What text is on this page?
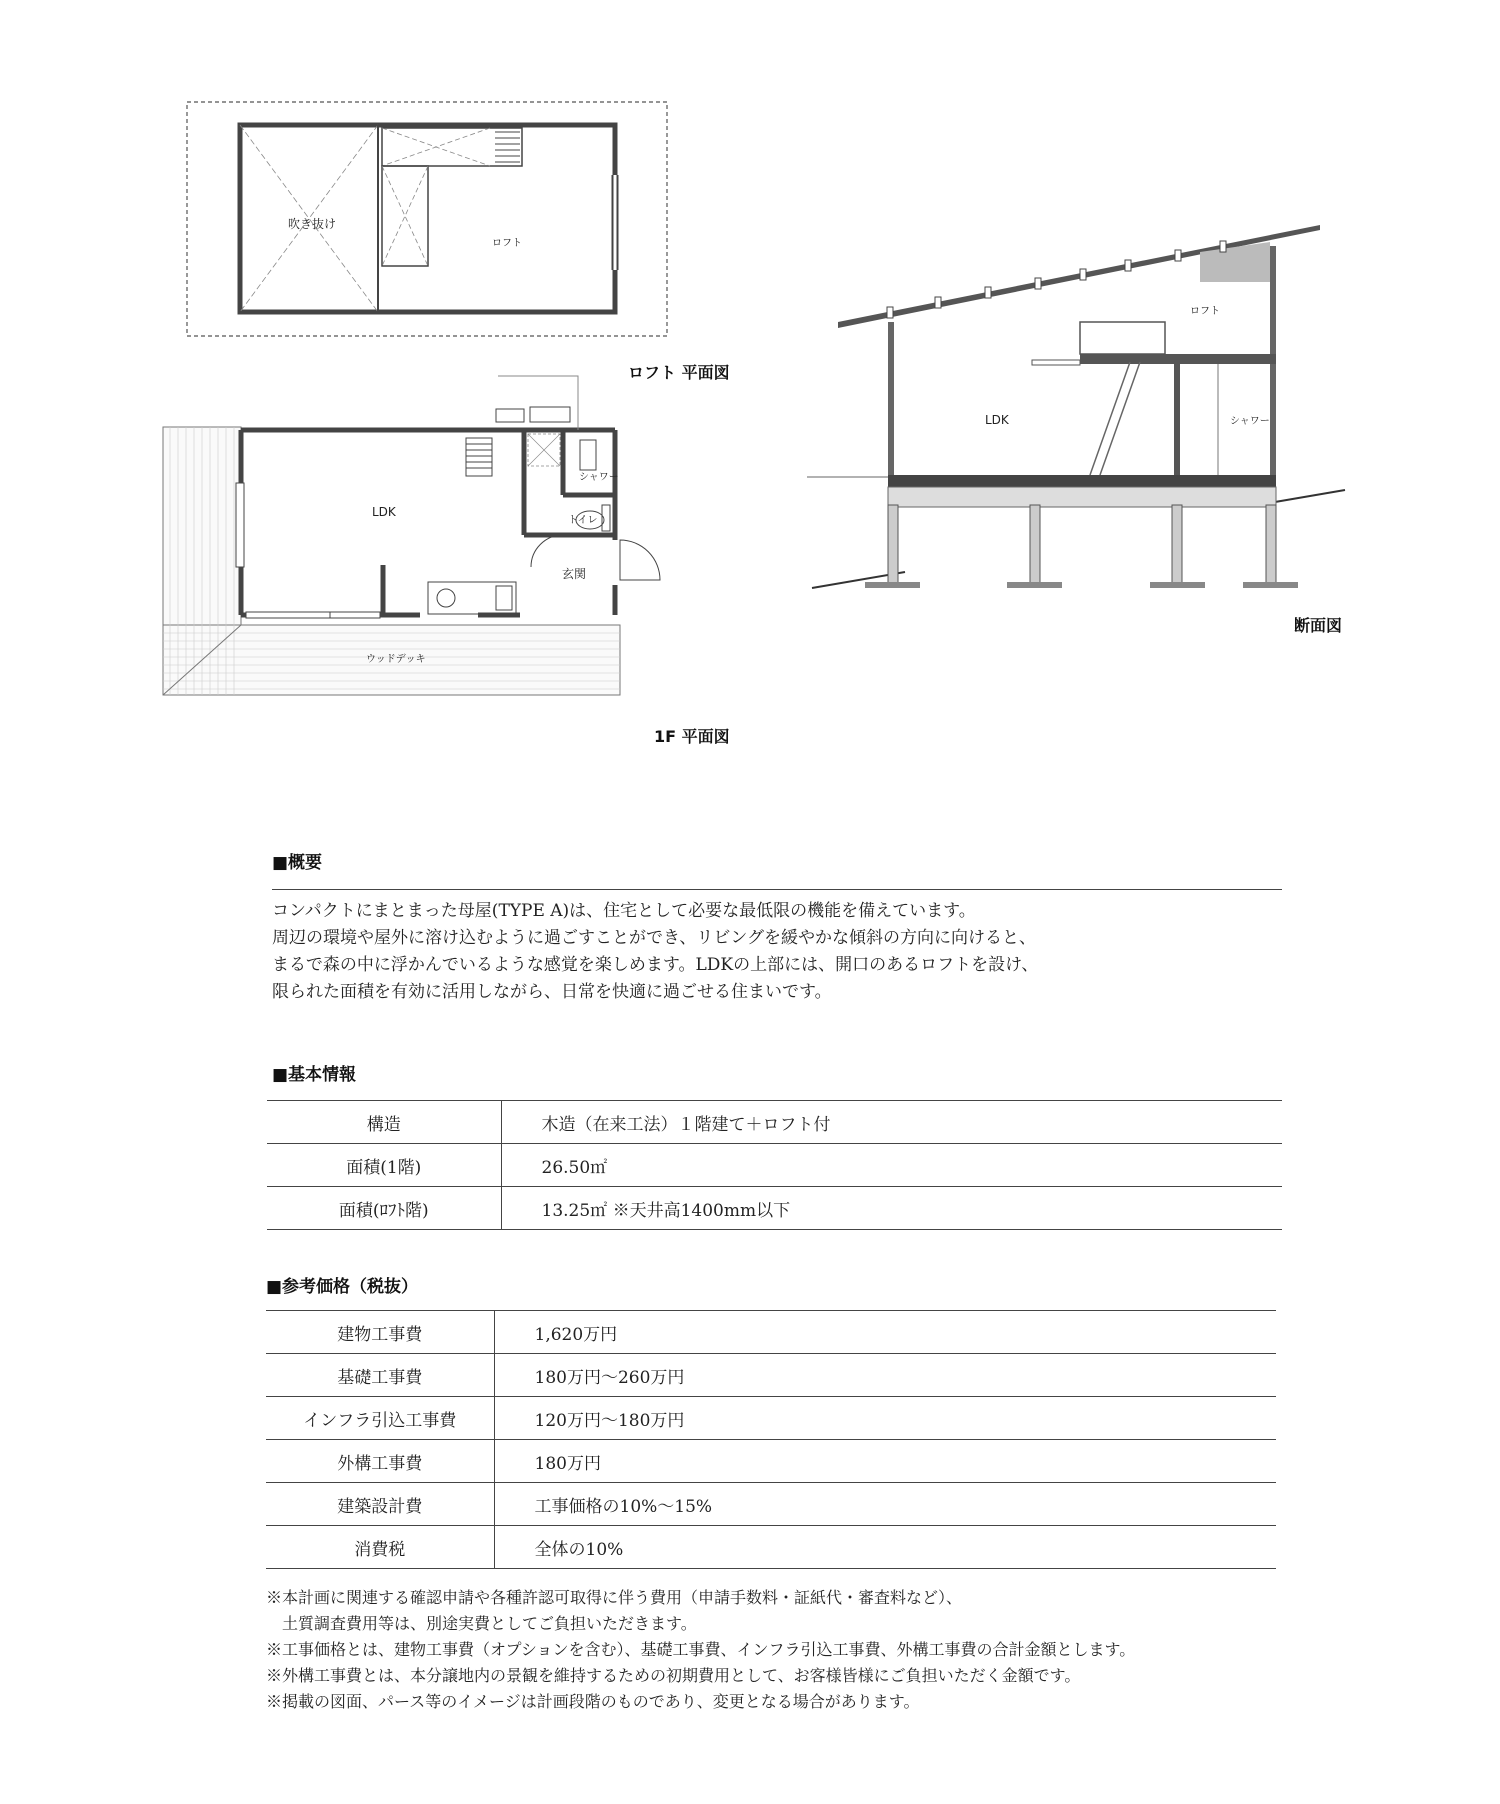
吹き抜け
ロフト
LDK
シャワー
トイレ
玄関
ウッドデッキ
ロフト
LDK	シャワー
ロフト 平面図
1F 平面図
断面図
■概要
コンパクトにまとまった母屋(TYPE A)は、住宅として必要な最低限の機能を備えています。
周辺の環境や屋外に溶け込むように過ごすことができ、リビングを緩やかな傾斜の方向に向けると、
まるで森の中に浮かんでいるような感覚を楽しめます。LDKの上部には、開口のあるロフトを設け、
限られた面積を有効に活用しながら、日常を快適に過ごせる住まいです。
■基本情報
構造	木造（在来工法）１階建て＋ロフト付
面積(1階)	26.50㎡
面積(ﾛﾌﾄ階)	13.25㎡ ※天井高1400mm以下
■参考価格（税抜）
建物工事費	1,620万円
基礎工事費	180万円～260万円
インフラ引込工事費	120万円～180万円
外構工事費	180万円
建築設計費	工事価格の10%～15%
消費税	全体の10%
※本計画に関連する確認申請や各種許認可取得に伴う費用（申請手数料・証紙代・審査料など）、
　土質調査費用等は、別途実費としてご負担いただきます。
※工事価格とは、建物工事費（オプションを含む）、基礎工事費、インフラ引込工事費、外構工事費の合計金額とします。
※外構工事費とは、本分譲地内の景観を維持するための初期費用として、お客様皆様にご負担いただく金額です。
※掲載の図面、パース等のイメージは計画段階のものであり、変更となる場合があります。
